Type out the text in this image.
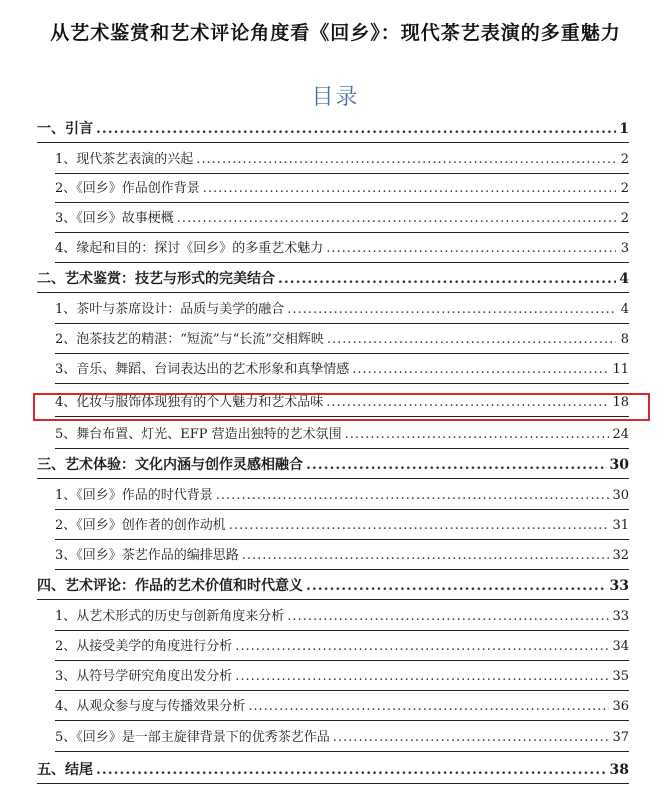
从艺术鉴赏和艺术评论角度看《回乡》：现代茶艺表演的多重魅力
目录
一、引言 .....	1
1、现代茶艺表演的兴起 .....	2
2、《回乡》作品创作背景 .....	2
3、《回乡》故事梗概 .....	2
4、缘起和目的：探讨《回乡》的多重艺术魅力 .....	3
二、艺术鉴赏：技艺与形式的完美结合 .....	4
1、茶叶与茶席设计：品质与美学的融合 .....	4
2、泡茶技艺的精湛：“短流”与“长流”交相辉映 .....	8
3、音乐、舞蹈、台词表达出的艺术形象和真挚情感 .....	11
4、化妆与服饰体现独有的个人魅力和艺术品味 .....	18
5、舞台布置、灯光、EFP 营造出独特的艺术氛围 .....	24
三、艺术体验：文化内涵与创作灵感相融合 .....	30
1、《回乡》作品的时代背景 .....	30
2、《回乡》创作者的创作动机 .....	31
3、《回乡》茶艺作品的编排思路 .....	32
四、艺术评论：作品的艺术价值和时代意义 .....	33
1、从艺术形式的历史与创新角度来分析 .....	33
2、从接受美学的角度进行分析 .....	34
3、从符号学研究角度出发分析 .....	35
4、从观众参与度与传播效果分析 .....	36
5、《回乡》是一部主旋律背景下的优秀茶艺作品 .....	37
五、结尾 .....	38
